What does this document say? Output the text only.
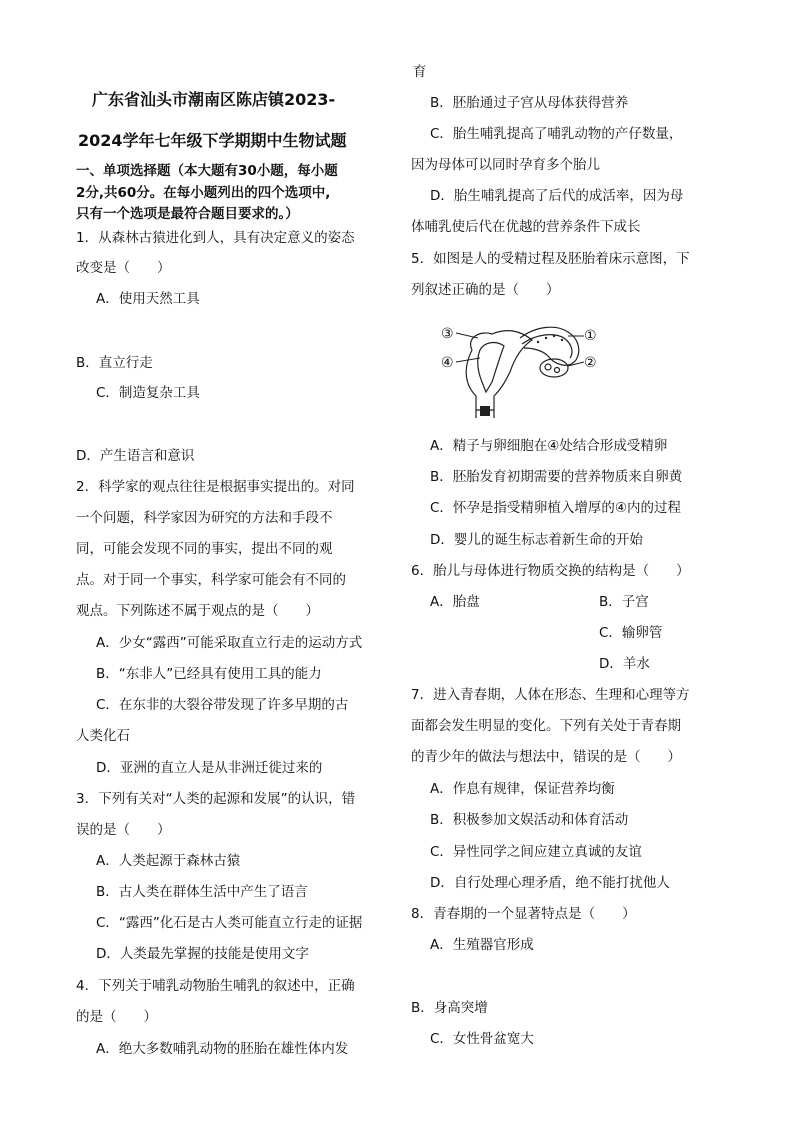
广东省汕头市潮南区陈店镇2023-
2024学年七年级下学期期中生物试题
一、单项选择题（本大题有30小题，每小题
2分,共60分。在每小题列出的四个选项中,
只有一个选项是最符合题目要求的。）
1．从森林古猿进化到人，具有决定意义的姿态
改变是（　　）
A．使用天然工具
B．直立行走
C．制造复杂工具
D．产生语言和意识
2．科学家的观点往往是根据事实提出的。对同
一个问题，科学家因为研究的方法和手段不
同，可能会发现不同的事实，提出不同的观
点。对于同一个事实，科学家可能会有不同的
观点。下列陈述不属于观点的是（　　）
A．少女“露西”可能采取直立行走的运动方式
B．“东非人”已经具有使用工具的能力
C．在东非的大裂谷带发现了许多早期的古
人类化石
D．亚洲的直立人是从非洲迁徙过来的
3．下列有关对“人类的起源和发展”的认识，错
误的是（　　）
A．人类起源于森林古猿
B．古人类在群体生活中产生了语言
C．“露西”化石是古人类可能直立行走的证据
D．人类最先掌握的技能是使用文字
4．下列关于哺乳动物胎生哺乳的叙述中，正确
的是（　　）
A．绝大多数哺乳动物的胚胎在雄性体内发
育
B．胚胎通过子宫从母体获得营养
C．胎生哺乳提高了哺乳动物的产仔数量，
因为母体可以同时孕育多个胎儿
D．胎生哺乳提高了后代的成活率，因为母
体哺乳使后代在优越的营养条件下成长
5．如图是人的受精过程及胚胎着床示意图，下
列叙述正确的是（　　）
③
④
①
②
A．精子与卵细胞在④处结合形成受精卵
B．胚胎发育初期需要的营养物质来自卵黄
C．怀孕是指受精卵植入增厚的④内的过程
D．婴儿的诞生标志着新生命的开始
6．胎儿与母体进行物质交换的结构是（　　）
A．胎盘	B．子宫
C．输卵管
D．羊水
7．进入青春期，人体在形态、生理和心理等方
面都会发生明显的变化。下列有关处于青春期
的青少年的做法与想法中，错误的是（　　）
A．作息有规律，保证营养均衡
B．积极参加文娱活动和体育活动
C．异性同学之间应建立真诚的友谊
D．自行处理心理矛盾，绝不能打扰他人
8．青春期的一个显著特点是（　　）
A．生殖器官形成
B．身高突增
C．女性骨盆宽大
